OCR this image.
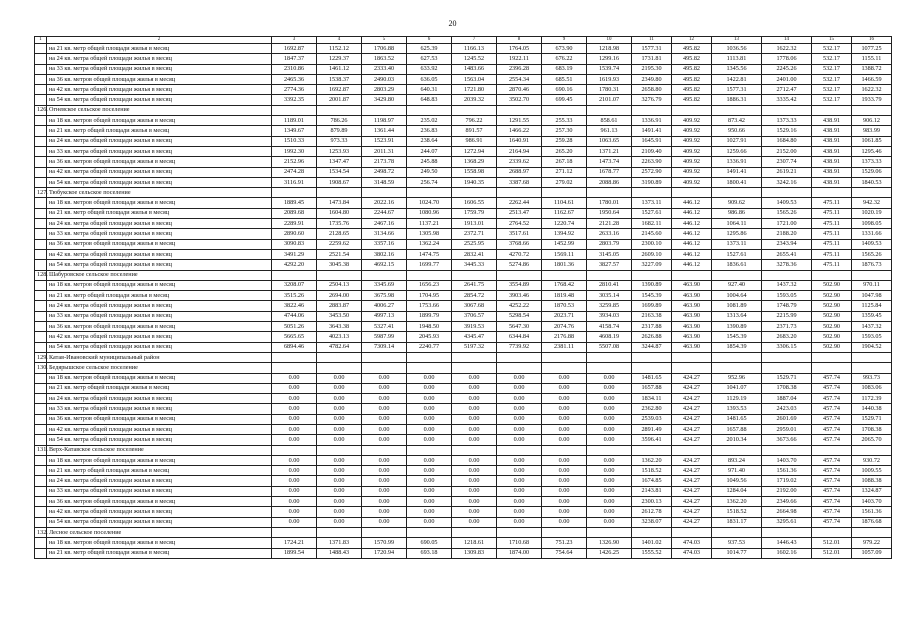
20
1	2	3	4	5	6	7	8	9	10	11	12	13	14	15	16
	на 21 кв. метр общей площади жилья в месяц	1692.87	1152.12	1706.88	625.39	1166.13	1764.05	673.90	1218.98	1577.31	495.82	1036.56	1622.32	532.17	1077.25
	на 24 кв. метра общей площади жилья в месяц	1847.37	1229.37	1863.52	627.53	1245.52	1922.11	676.22	1299.16	1731.81	495.82	1113.81	1778.06	532.17	1155.11
	на 33 кв. метра общей площади жилья в месяц	2310.86	1461.12	2333.40	633.92	1483.66	2396.28	683.19	1539.74	2195.30	495.82	1345.56	2245.26	532.17	1388.72
	на 36 кв. метров общей площади жилья в месяц	2465.36	1538.37	2490.03	636.05	1563.04	2554.34	685.51	1619.93	2349.80	495.82	1422.81	2401.00	532.17	1466.59
	на 42 кв. метра общей площади жилья в месяц	2774.36	1692.87	2803.29	640.31	1721.80	2870.46	690.16	1780.31	2658.80	495.82	1577.31	2712.47	532.17	1622.32
	на 54 кв. метра общей площади жилья в месяц	3392.35	2001.87	3429.80	648.83	2039.32	3502.70	699.45	2101.07	3276.79	495.82	1886.31	3335.42	532.17	1933.79
126.	Огневское сельское поселение														
	на 18 кв. метров общей площади жилья в месяц	1189.01	786.26	1198.97	235.02	796.22	1291.55	255.33	858.61	1336.91	409.92	873.42	1373.33	438.91	906.12
	на 21 кв. метр общей площади жилья в месяц	1349.67	879.89	1361.44	236.83	891.57	1466.22	257.30	961.13	1491.41	409.92	950.66	1529.16	438.91	983.99
	на 24 кв. метра общей площади жилья в месяц	1510.33	973.33	1523.91	238.64	986.91	1640.91	259.28	1063.65	1645.91	409.92	1027.91	1684.80	438.91	1061.85
	на 33 кв. метра общей площади жилья в месяц	1992.30	1253.93	2011.31	244.07	1272.94	2164.94	265.20	1371.21	2109.40	409.92	1259.66	2152.00	438.91	1295.46
	на 36 кв. метров общей площади жилья в месяц	2152.96	1347.47	2173.78	245.88	1368.29	2339.62	267.18	1473.74	2263.90	409.92	1336.91	2307.74	438.91	1373.33
	на 42 кв. метра общей площади жилья в месяц	2474.28	1534.54	2498.72	249.50	1558.98	2688.97	271.12	1678.77	2572.90	409.92	1491.41	2619.21	438.91	1529.06
	на 54 кв. метра общей площади жилья в месяц	3116.91	1908.67	3148.59	256.74	1940.35	3387.68	279.02	2088.86	3190.89	409.92	1800.41	3242.16	438.91	1840.53
127.	Тюбукское сельское поселение														
	на 18 кв. метров общей площади жилья в месяц	1889.45	1473.84	2022.16	1024.70	1606.55	2262.44	1104.61	1780.01	1373.11	446.12	909.62	1409.53	475.11	942.32
	на 21 кв. метр общей площади жилья в месяц	2089.68	1604.80	2244.67	1080.96	1759.79	2513.47	1162.67	1950.64	1527.61	446.12	986.86	1565.26	475.11	1020.19
	на 24 кв. метра общей площади жилья в месяц	2289.91	1735.76	2467.16	1137.21	1913.01	2764.52	1220.74	2121.28	1682.11	446.12	1064.11	1721.00	475.11	1098.05
	на 33 кв. метра общей площади жилья в месяц	2890.60	2128.65	3134.66	1305.98	2372.71	3517.61	1394.92	2633.16	2145.60	446.12	1295.86	2188.20	475.11	1331.66
	на 36 кв. метров общей площади жилья в месяц	3090.83	2259.62	3357.16	1362.24	2525.95	3768.66	1452.99	2803.79	2300.10	446.12	1373.11	2343.94	475.11	1409.53
	на 42 кв. метра общей площади жилья в месяц	3491.29	2521.54	3802.16	1474.75	2832.41	4270.72	1569.11	3145.05	2609.10	446.12	1527.61	2655.41	475.11	1565.26
	на 54 кв. метра общей площади жилья в месяц	4292.20	3045.38	4692.15	1699.77	3445.33	5274.86	1801.36	3827.57	3227.09	446.12	1836.61	3278.36	475.11	1876.73
128.	Шабуровское сельское поселение														
	на 18 кв. метров общей площади жилья в месяц	3208.07	2504.13	3345.69	1656.23	2641.75	3554.89	1768.42	2810.41	1390.89	463.90	927.40	1437.32	502.90	970.11
	на 21 кв. метр общей площади жилья в месяц	3515.26	2694.00	3675.98	1704.95	2854.72	3903.46	1819.48	3035.14	1545.39	463.90	1004.64	1593.05	502.90	1047.98
	на 24 кв. метра общей площади жилья в месяц	3822.46	2883.87	4006.27	1753.66	3067.68	4252.22	1870.53	3259.85	1699.89	463.90	1081.89	1748.79	502.90	1125.84
	на 33 кв. метра общей площади жилья в месяц	4744.06	3453.50	4997.13	1899.79	3706.57	5298.54	2023.71	3934.03	2163.38	463.90	1313.64	2215.99	502.90	1359.45
	на 36 кв. метров общей площади жилья в месяц	5051.26	3643.38	5327.41	1948.50	3919.53	5647.30	2074.76	4158.74	2317.88	463.90	1390.89	2371.73	502.90	1437.32
	на 42 кв. метра общей площади жилья в месяц	5665.65	4023.13	5987.99	2045.93	4345.47	6344.84	2176.88	4608.19	2626.88	463.90	1545.39	2683.20	502.90	1593.05
	на 54 кв. метра общей площади жилья в месяц	6894.46	4782.64	7309.14	2240.77	5197.32	7739.92	2381.11	5507.08	3244.87	463.90	1854.39	3306.15	502.90	1904.52
129.	Катав-Ивановский муниципальный район														
130.	Бедярышское сельское поселение														
	на 18 кв. метров общей площади жилья в месяц	0.00	0.00	0.00	0.00	0.00	0.00	0.00	0.00	1481.65	424.27	952.96	1529.71	457.74	993.73
	на 21 кв. метр общей площади жилья в месяц	0.00	0.00	0.00	0.00	0.00	0.00	0.00	0.00	1657.88	424.27	1041.07	1708.38	457.74	1083.06
	на 24 кв. метра общей площади жилья в месяц	0.00	0.00	0.00	0.00	0.00	0.00	0.00	0.00	1834.11	424.27	1129.19	1887.04	457.74	1172.39
	на 33 кв. метра общей площади жилья в месяц	0.00	0.00	0.00	0.00	0.00	0.00	0.00	0.00	2362.80	424.27	1393.53	2423.03	457.74	1440.38
	на 36 кв. метров общей площади жилья в месяц	0.00	0.00	0.00	0.00	0.00	0.00	0.00	0.00	2539.03	424.27	1481.65	2601.69	457.74	1529.71
	на 42 кв. метра общей площади жилья в месяц	0.00	0.00	0.00	0.00	0.00	0.00	0.00	0.00	2891.49	424.27	1657.88	2959.01	457.74	1708.38
	на 54 кв. метра общей площади жилья в месяц	0.00	0.00	0.00	0.00	0.00	0.00	0.00	0.00	3596.41	424.27	2010.34	3673.66	457.74	2065.70
131.	Верх-Катавское сельское поселение														
	на 18 кв. метров общей площади жилья в месяц	0.00	0.00	0.00	0.00	0.00	0.00	0.00	0.00	1362.20	424.27	893.24	1403.70	457.74	930.72
	на 21 кв. метр общей площади жилья в месяц	0.00	0.00	0.00	0.00	0.00	0.00	0.00	0.00	1518.52	424.27	971.40	1561.36	457.74	1009.55
	на 24 кв. метра общей площади жилья в месяц	0.00	0.00	0.00	0.00	0.00	0.00	0.00	0.00	1674.85	424.27	1049.56	1719.02	457.74	1088.38
	на 33 кв. метра общей площади жилья в месяц	0.00	0.00	0.00	0.00	0.00	0.00	0.00	0.00	2143.81	424.27	1284.04	2192.00	457.74	1324.87
	на 36 кв. метров общей площади жилья в месяц	0.00	0.00	0.00	0.00	0.00	0.00	0.00	0.00	2300.13	424.27	1362.20	2349.66	457.74	1403.70
	на 42 кв. метра общей площади жилья в месяц	0.00	0.00	0.00	0.00	0.00	0.00	0.00	0.00	2612.78	424.27	1518.52	2664.98	457.74	1561.36
	на 54 кв. метра общей площади жилья в месяц	0.00	0.00	0.00	0.00	0.00	0.00	0.00	0.00	3238.07	424.27	1831.17	3295.61	457.74	1876.68
132.	Лесное сельское поселение														
	на 18 кв. метров общей площади жилья в месяц	1724.21	1371.83	1570.99	690.05	1218.61	1710.68	751.23	1326.90	1401.02	474.03	937.53	1446.43	512.01	979.22
	на 21 кв. метр общей площади жилья в месяц	1899.54	1488.43	1720.94	693.18	1309.83	1874.00	754.64	1426.25	1555.52	474.03	1014.77	1602.16	512.01	1057.09
